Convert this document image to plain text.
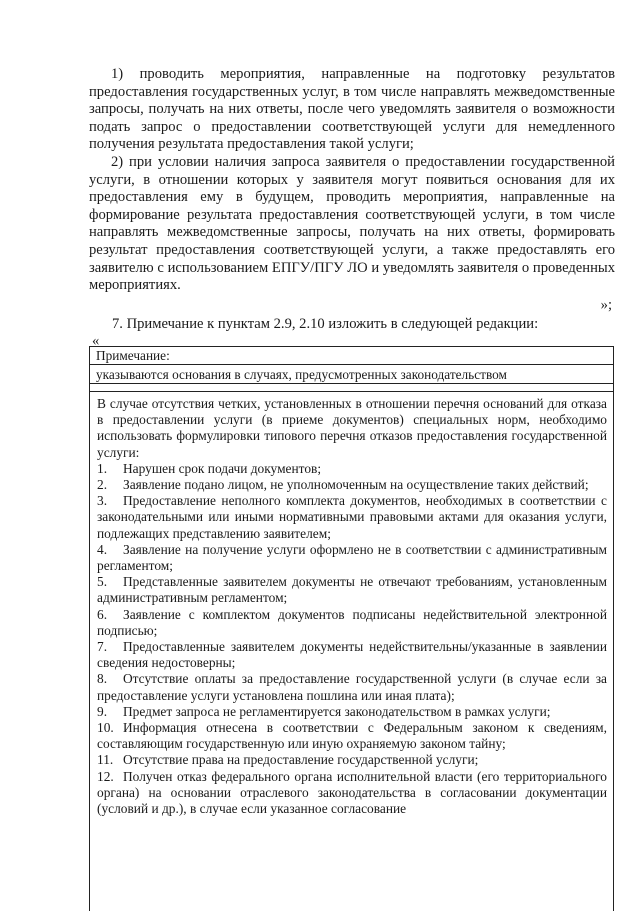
1) проводить мероприятия, направленные на подготовку результатов предоставления государственных услуг, в том числе направлять межведомственные запросы, получать на них ответы, после чего уведомлять заявителя о возможности подать запрос о предоставлении соответствующей услуги для немедленного получения результата предоставления такой услуги;

2) при условии наличия запроса заявителя о предоставлении государственной услуги, в отношении которых у заявителя могут появиться основания для их предоставления ему в будущем, проводить мероприятия, направленные на формирование результата предоставления соответствующей услуги, в том числе направлять межведомственные запросы, получать на них ответы, формировать результат предоставления соответствующей услуги, а также предоставлять его заявителю с использованием ЕПГУ/ПГУ ЛО и уведомлять заявителя о проведенных мероприятиях.

»;
7. Примечание к пунктам 2.9, 2.10 изложить в следующей редакции:
«
Примечание:
указываются основания в случаях, предусмотренных законодательством

В случае отсутствия четких, установленных в отношении перечня оснований для отказа в предоставлении услуги (в приеме документов) специальных норм, необходимо использовать формулировки типового перечня отказов предоставления государственной услуги:

1. Нарушен срок подачи документов;

2. Заявление подано лицом, не уполномоченным на осуществление таких действий;

3. Предоставление неполного комплекта документов, необходимых в соответствии с законодательными или иными нормативными правовыми актами для оказания услуги, подлежащих представлению заявителем;

4. Заявление на получение услуги оформлено не в соответствии с административным регламентом;

5. Представленные заявителем документы не отвечают требованиям, установленным административным регламентом;

6. Заявление с комплектом документов подписаны недействительной электронной подписью;

7. Предоставленные заявителем документы недействительны/указанные в заявлении сведения недостоверны;

8. Отсутствие оплаты за предоставление государственной услуги (в случае если за предоставление услуги установлена пошлина или иная плата);

9. Предмет запроса не регламентируется законодательством в рамках услуги;

10. Информация отнесена в соответствии с Федеральным законом к сведениям, составляющим государственную или иную охраняемую законом тайну;

11. Отсутствие права на предоставление государственной услуги;

12. Получен отказ федерального органа исполнительной власти (его территориального органа) на основании отраслевого законодательства в согласовании документации (условий и др.), в случае если указанное согласование
